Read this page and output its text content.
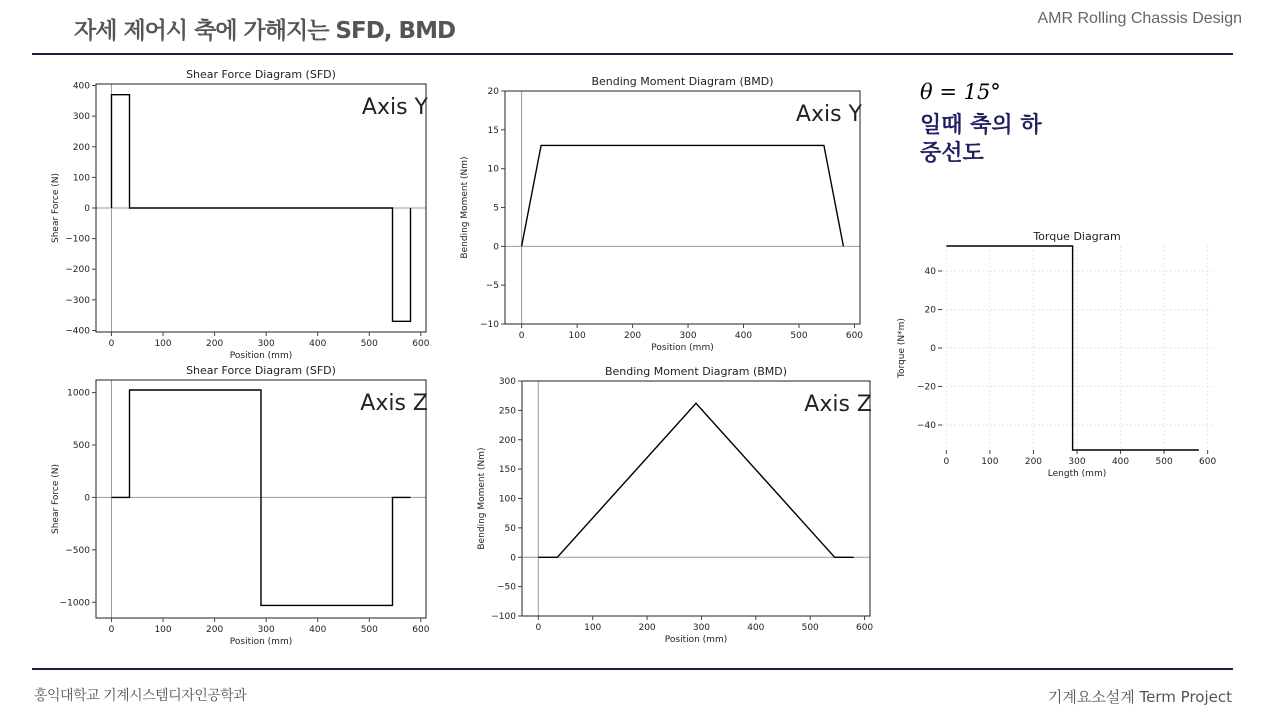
자세 제어시 축에 가해지는 SFD, BMD	AMR Rolling Chassis Design
0	100	200	300	400	500	600
−400
−300
−200
−100
0
100
200
300
400
Shear Force Diagram (SFD)
Position (mm)
Shear Force (N)
Axis Y
0	100	200	300	400	500	600
−10
−5
0
5
10
15
20
Bending Moment Diagram (BMD)
Position (mm)
Bending Moment (Nm)
Axis Y
0	100	200	300	400	500	600
−1000
−500
0
500
1000
Shear Force Diagram (SFD)
Position (mm)
Shear Force (N)
Axis Z
0	100	200	300	400	500	600
−100
−50
0
50
100
150
200
250
300
Bending Moment Diagram (BMD)
Position (mm)
Bending Moment (Nm)
Axis Z
0	100	200	300	400	500	600
−40
−20
0
20
40
Torque Diagram
Length (mm)
Torque (N*m)
θ = 15°
일때 축의 하중선도
홍익대학교 기계시스템디자인공학과	기계요소설계 Term Project
